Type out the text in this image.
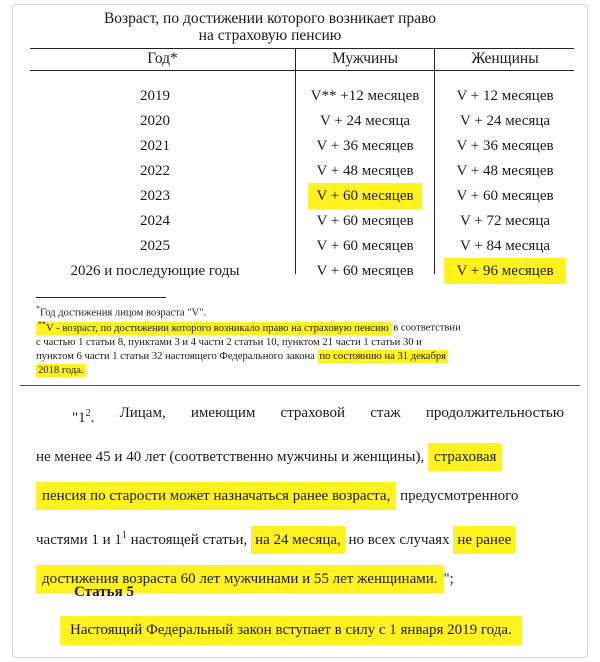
Возраст, по достижении которого возникает право
на страховую пенсию
Год*	Мужчины	Женщины
2019	V** +12 месяцев	V + 12 месяцев
2020	V + 24 месяца	V + 24 месяца
2021	V + 36 месяцев	V + 36 месяцев
2022	V + 48 месяцев	V + 48 месяцев
2023	V + 60 месяцев	V + 60 месяцев
2024	V + 60 месяцев	V + 72 месяца
2025	V + 60 месяцев	V + 84 месяца
2026 и последующие годы	V + 60 месяцев	V + 96 месяцев
*Год достижения лицом возраста "V".
**V - возраст, по достижении которого возникало право на страховую пенсию в соответствии
с частью 1 статьи 8, пунктами 3 и 4 части 2 статьи 10, пунктом 21 части 1 статьи 30 и
пунктом 6 части 1 статьи 32 настоящего Федерального закона по состоянию на 31 декабря
2018 года.
"$1^2$. Лицам, имеющим страховой стаж продолжительностью
не менее 45 и 40 лет (соответственно мужчины и женщины), страховая
пенсия по старости может назначаться ранее возраста, предусмотренного
частями 1 и $1^1$ настоящей статьи, на 24 месяца, но всех случаях не ранее
достижения возраста 60 лет мужчинами и 55 лет женщинами. ";
Статья 5
Настоящий Федеральный закон вступает в силу с 1 января 2019 года.
